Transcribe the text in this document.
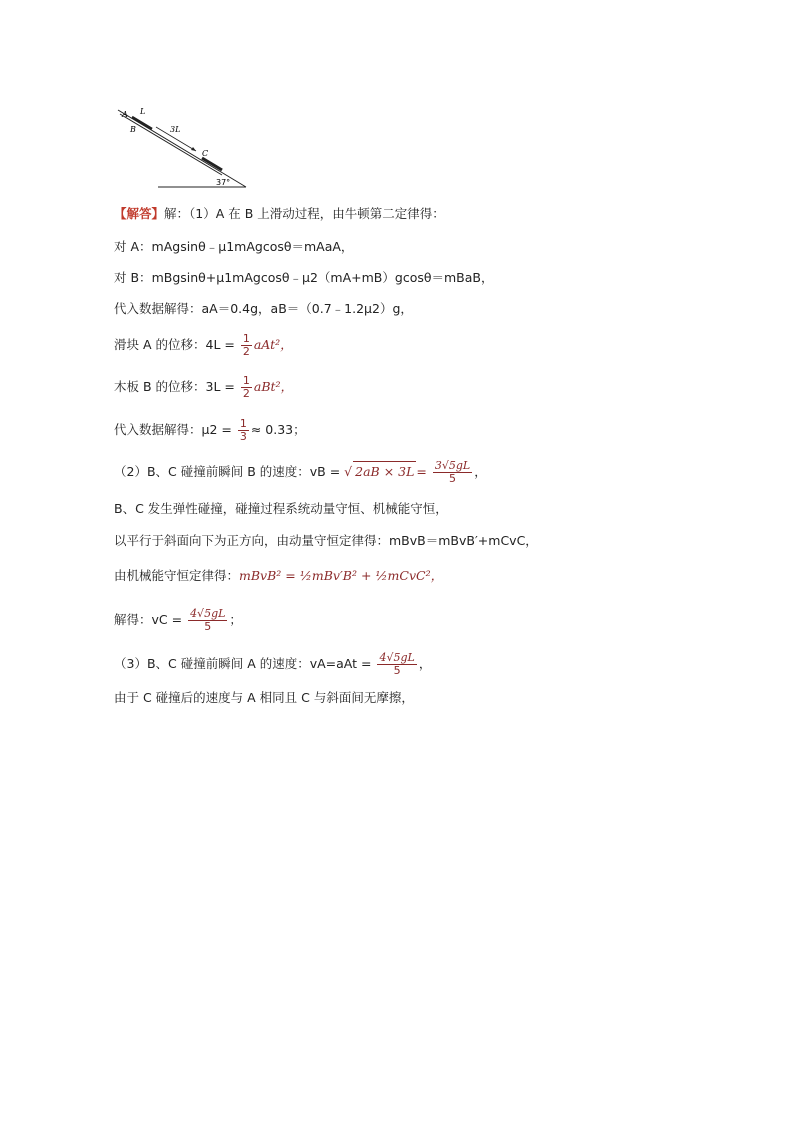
A L
B	3L
C
37°
【解答】解：（1）A 在 B 上滑动过程，由牛顿第二定律得：
对 A：mAgsinθ﹣μ1mAgcosθ＝mAaA，
对 B：mBgsinθ+μ1mAgcosθ﹣μ2（mA+mB）gcosθ＝mBaB，
代入数据解得：aA＝0.4g，aB＝（0.7﹣1.2μ2）g，
滑块 A 的位移：$4L = \frac{1}{2} aAt^2$，
木板 B 的位移：$3L = \frac{1}{2} aBt^2$，
代入数据解得：$\mu 2 = \frac{1}{3} \approx 0.33$；
（2）B、C 碰撞前瞬间 B 的速度：vB = √ $2aB \times 3L = \frac{3√5gL}{5}$ ，
B、C 发生弹性碰撞，碰撞过程系统动量守恒、机械能守恒，
以平行于斜面向下为正方向，由动量守恒定律得：mBvB＝mBvB′+mCvC，
由机械能守恒定律得：mBvB² = ½mBv′B² + ½mCvC²，
解得：vC = $\frac{4√5gL}{5}$ ；
（3）B、C 碰撞前瞬间 A 的速度：$vA=aAt = \frac{4√5gL}{5}$ ，
由于 C 碰撞后的速度与 A 相同且 C 与斜面间无摩擦，
